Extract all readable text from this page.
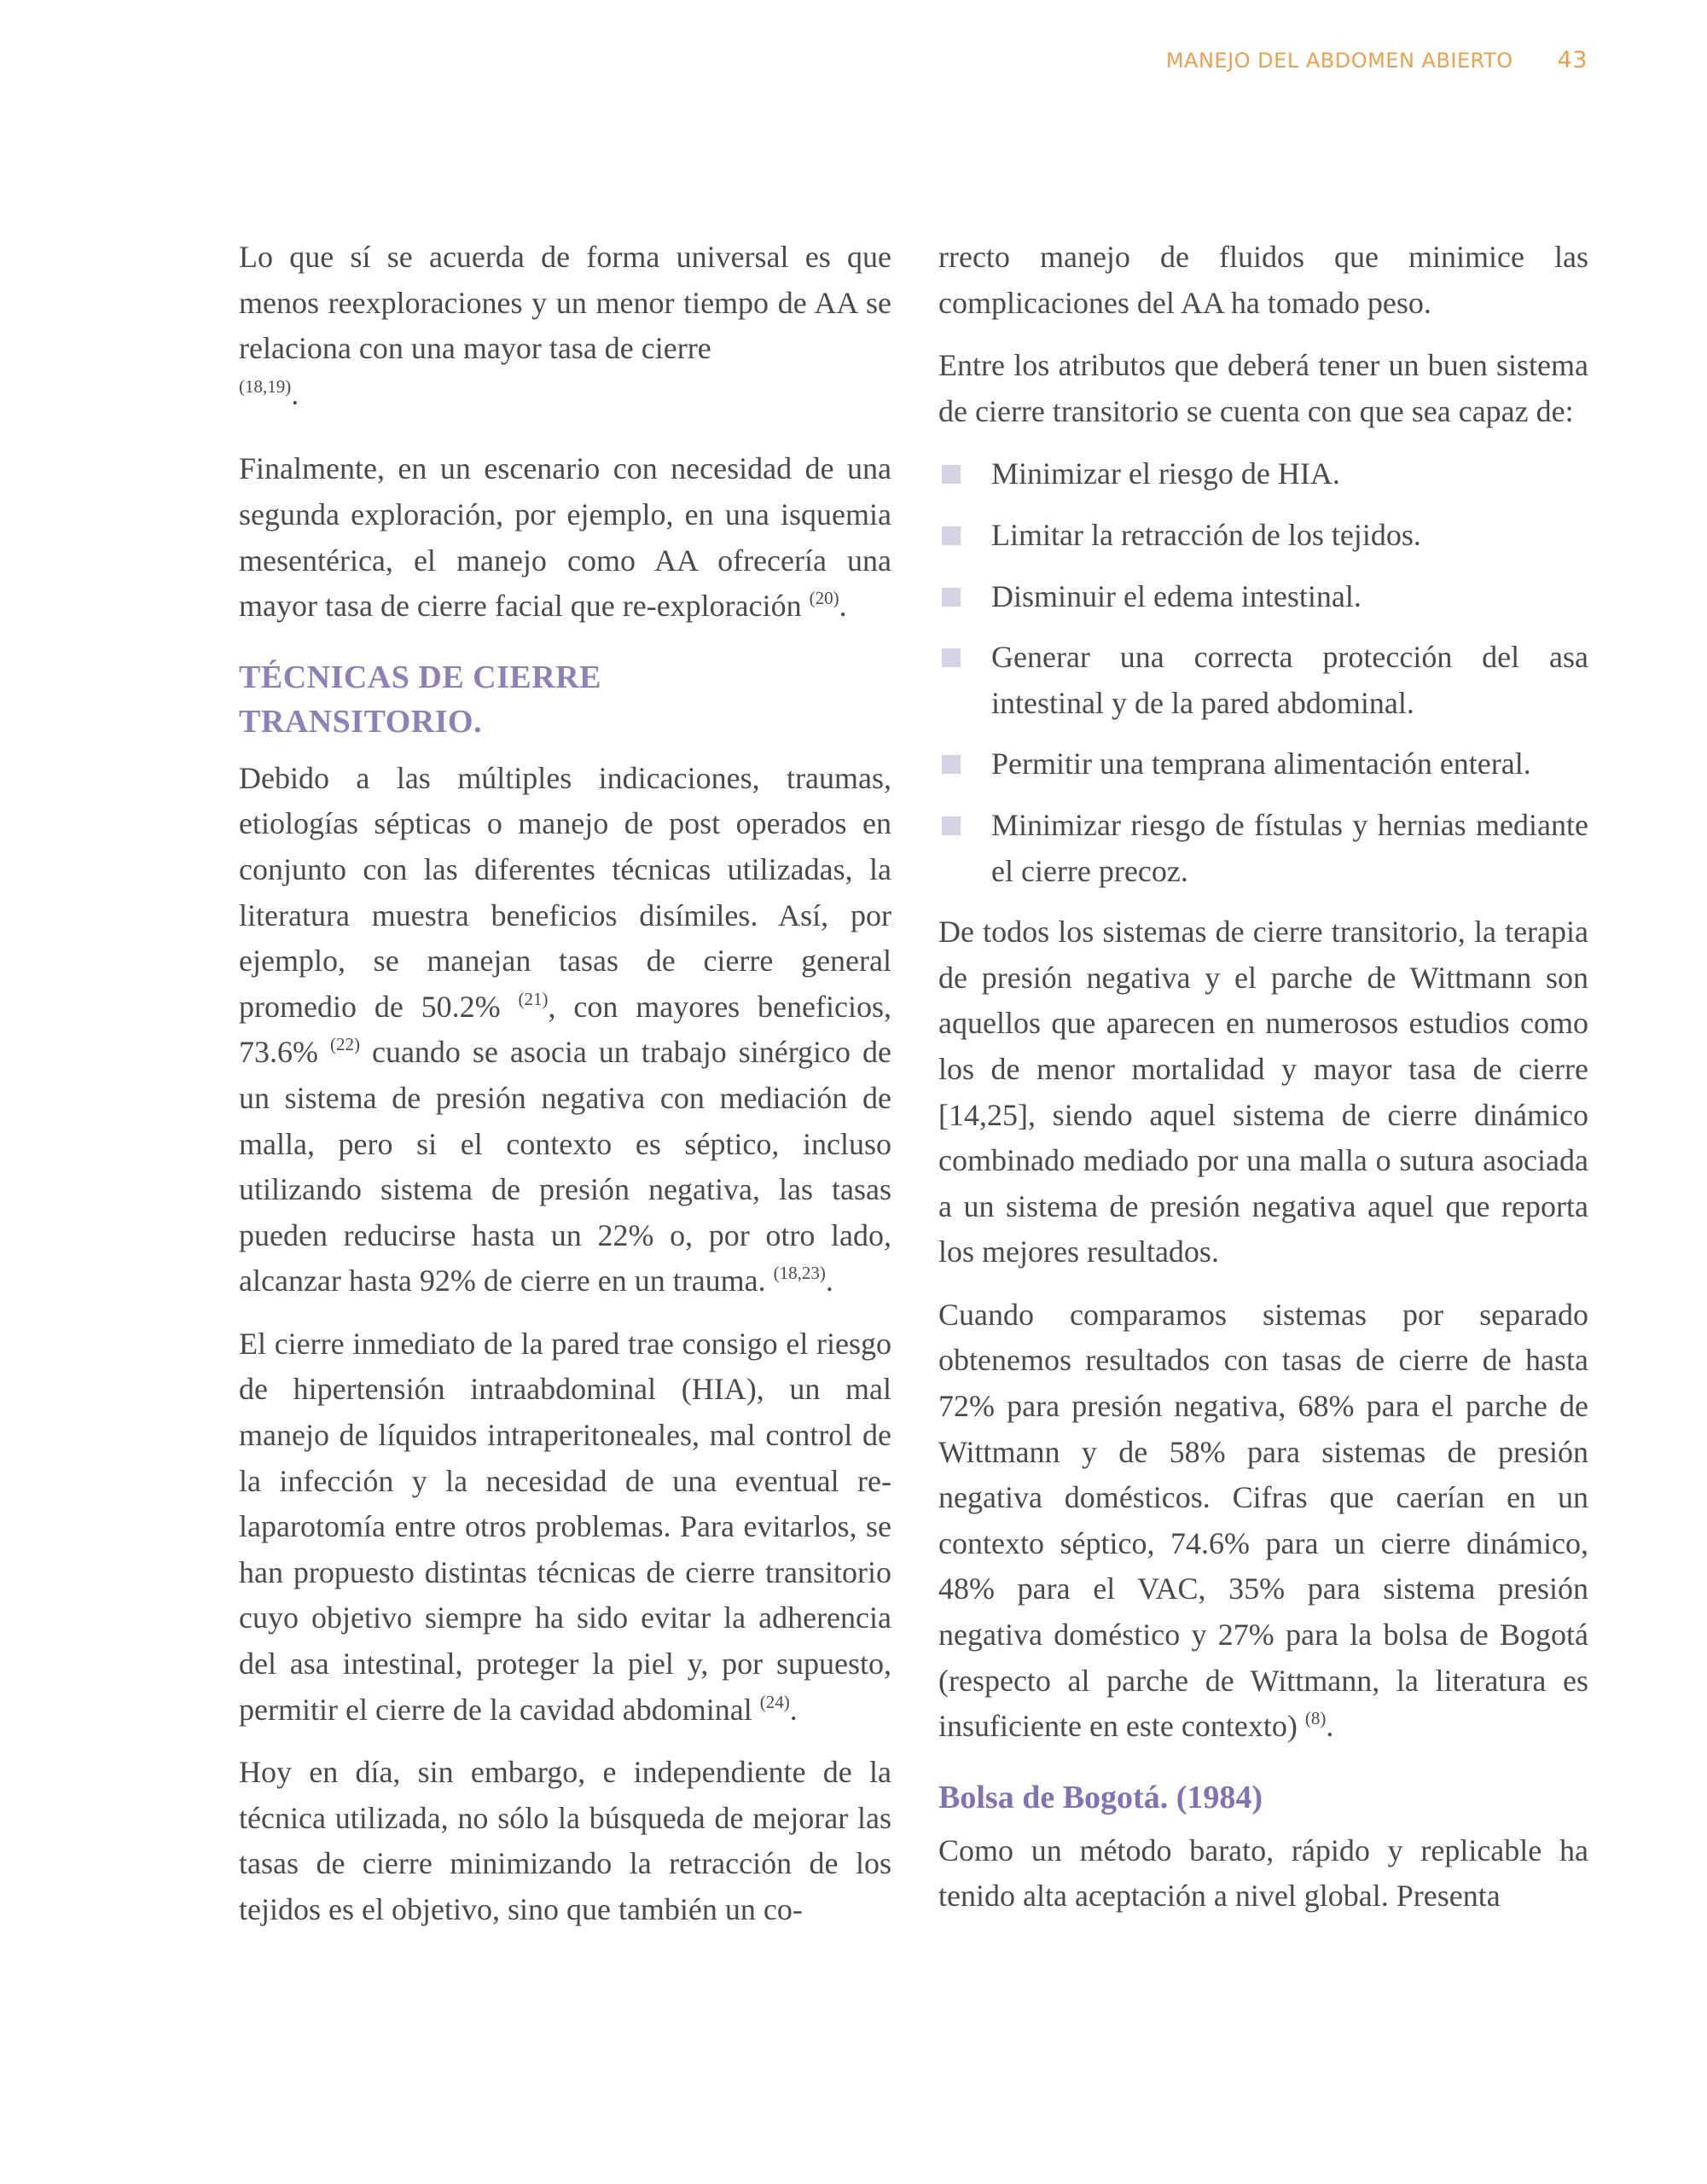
MANEJO DEL ABDOMEN ABIERTO 43

Lo que sí se acuerda de forma universal es que menos reexploraciones y un menor tiempo de AA se relaciona con una mayor tasa de cierre
$_{(18,19)}$.

Finalmente, en un escenario con necesidad de una segunda exploración, por ejemplo, en una isquemia mesentérica, el manejo como AA ofrecería una mayor tasa de cierre facial que re-exploración $^{(20)}$.

TÉCNICAS DE CIERRE
TRANSITORIO.

Debido a las múltiples indicaciones, traumas, etiologías sépticas o manejo de post operados en conjunto con las diferentes técnicas utilizadas, la literatura muestra beneficios disímiles. Así, por ejemplo, se manejan tasas de cierre general promedio de 50.2% $^{(21)}$, con mayores beneficios, 73.6% $^{(22)}$ cuando se asocia un trabajo sinérgico de un sistema de presión negativa con mediación de malla, pero si el contexto es séptico, incluso utilizando sistema de presión negativa, las tasas pueden reducirse hasta un 22% o, por otro lado, alcanzar hasta 92% de cierre en un trauma. $^{(18,23)}$.

El cierre inmediato de la pared trae consigo el riesgo de hipertensión intraabdominal (HIA), un mal manejo de líquidos intraperitoneales, mal control de la infección y la necesidad de una eventual re-laparotomía entre otros problemas. Para evitarlos, se han propuesto distintas técnicas de cierre transitorio cuyo objetivo siempre ha sido evitar la adherencia del asa intestinal, proteger la piel y, por supuesto, permitir el cierre de la cavidad abdominal $^{(24)}$.

Hoy en día, sin embargo, e independiente de la técnica utilizada, no sólo la búsqueda de mejorar las tasas de cierre minimizando la retracción de los tejidos es el objetivo, sino que también un co-

rrecto manejo de fluidos que minimice las complicaciones del AA ha tomado peso.

Entre los atributos que deberá tener un buen sistema de cierre transitorio se cuenta con que sea capaz de:

Minimizar el riesgo de HIA.
Limitar la retracción de los tejidos.
Disminuir el edema intestinal.
Generar una correcta protección del asa intestinal y de la pared abdominal.
Permitir una temprana alimentación enteral.
Minimizar riesgo de fístulas y hernias mediante el cierre precoz.

De todos los sistemas de cierre transitorio, la terapia de presión negativa y el parche de Wittmann son aquellos que aparecen en numerosos estudios como los de menor mortalidad y mayor tasa de cierre [14,25], siendo aquel sistema de cierre dinámico combinado mediado por una malla o sutura asociada a un sistema de presión negativa aquel que reporta los mejores resultados.

Cuando comparamos sistemas por separado obtenemos resultados con tasas de cierre de hasta 72% para presión negativa, 68% para el parche de Wittmann y de 58% para sistemas de presión negativa domésticos. Cifras que caerían en un contexto séptico, 74.6% para un cierre dinámico, 48% para el VAC, 35% para sistema presión negativa doméstico y 27% para la bolsa de Bogotá (respecto al parche de Wittmann, la literatura es insuficiente en este contexto) $^{(8)}$.

Bolsa de Bogotá. (1984)

Como un método barato, rápido y replicable ha tenido alta aceptación a nivel global. Presenta
